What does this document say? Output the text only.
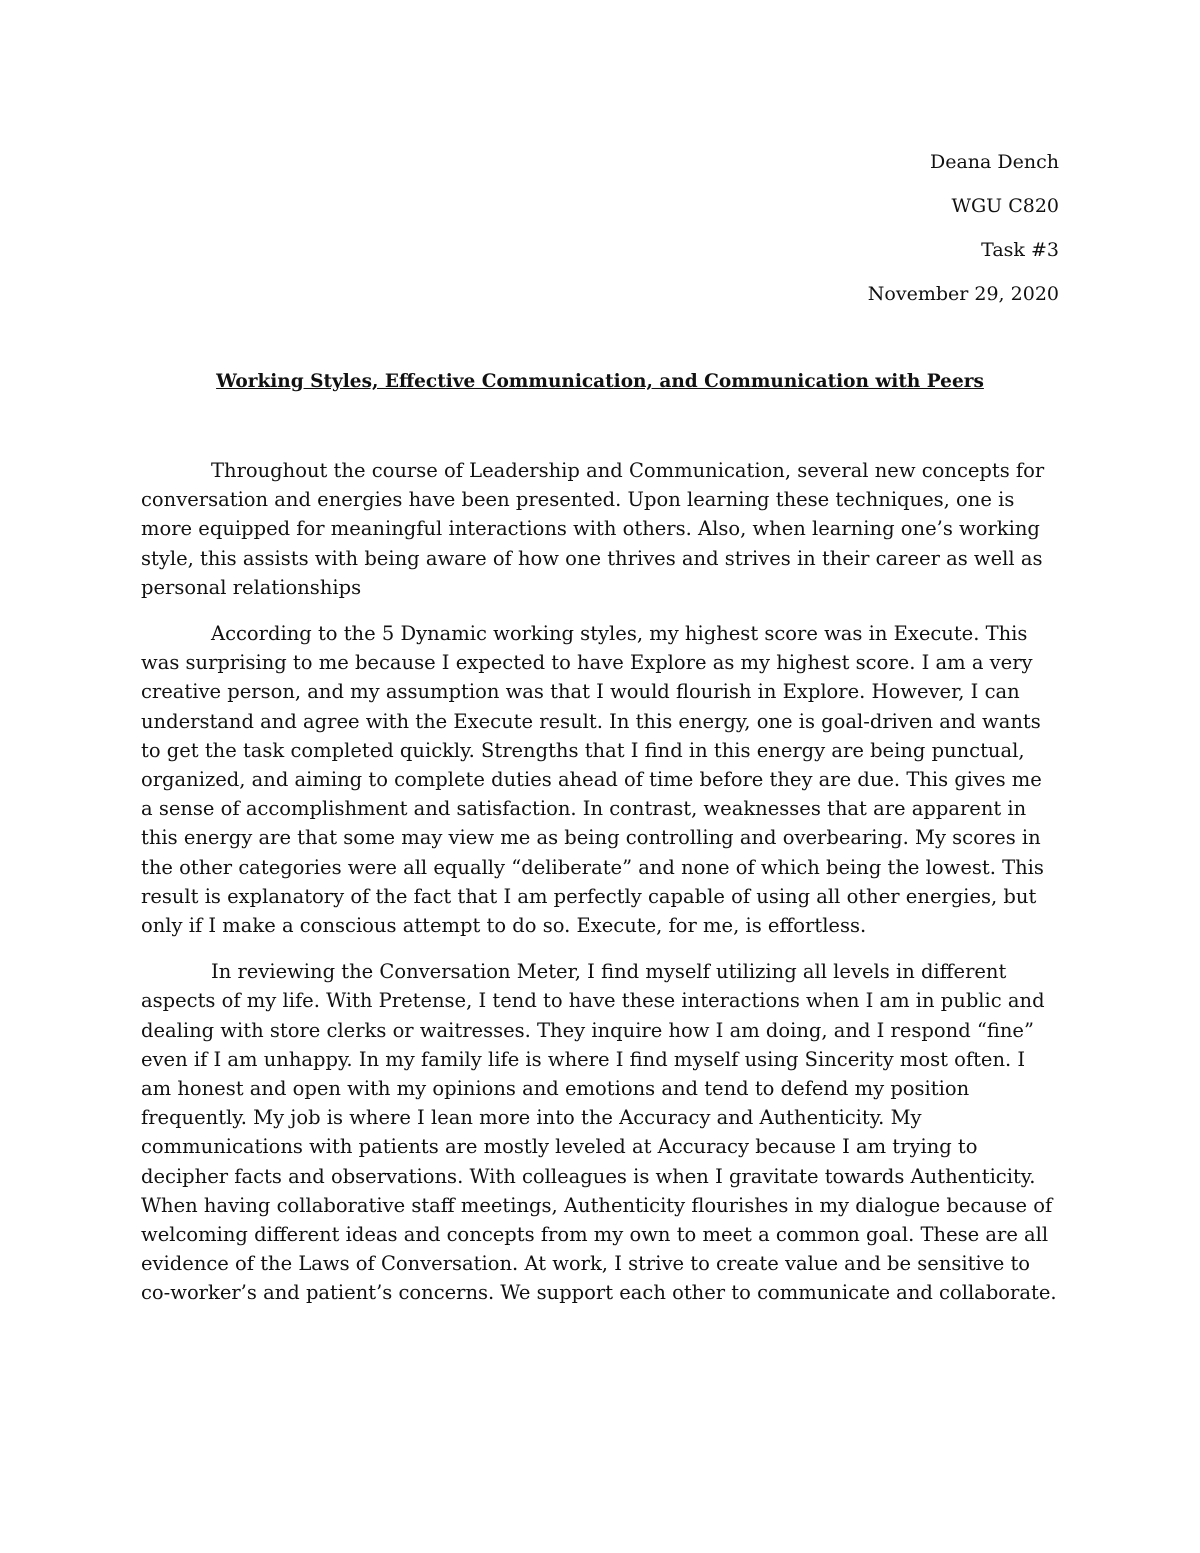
Deana Dench
WGU C820
Task #3
November 29, 2020
Working Styles, Effective Communication, and Communication with Peers

Throughout the course of Leadership and Communication, several new concepts for conversation and energies have been presented. Upon learning these techniques, one is more equipped for meaningful interactions with others. Also, when learning one’s working style, this assists with being aware of how one thrives and strives in their career as well as personal relationships

According to the 5 Dynamic working styles, my highest score was in Execute. This was surprising to me because I expected to have Explore as my highest score. I am a very creative person, and my assumption was that I would flourish in Explore. However, I can understand and agree with the Execute result. In this energy, one is goal-driven and wants to get the task completed quickly. Strengths that I find in this energy are being punctual, organized, and aiming to complete duties ahead of time before they are due. This gives me a sense of accomplishment and satisfaction. In contrast, weaknesses that are apparent in this energy are that some may view me as being controlling and overbearing. My scores in the other categories were all equally “deliberate” and none of which being the lowest. This result is explanatory of the fact that I am perfectly capable of using all other energies, but only if I make a conscious attempt to do so. Execute, for me, is effortless.

In reviewing the Conversation Meter, I find myself utilizing all levels in different aspects of my life. With Pretense, I tend to have these interactions when I am in public and dealing with store clerks or waitresses. They inquire how I am doing, and I respond “fine” even if I am unhappy. In my family life is where I find myself using Sincerity most often. I am honest and open with my opinions and emotions and tend to defend my position frequently. My job is where I lean more into the Accuracy and Authenticity. My communications with patients are mostly leveled at Accuracy because I am trying to decipher facts and observations. With colleagues is when I gravitate towards Authenticity. When having collaborative staff meetings, Authenticity flourishes in my dialogue because of welcoming different ideas and concepts from my own to meet a common goal. These are all evidence of the Laws of Conversation. At work, I strive to create value and be sensitive to co-worker’s and patient’s concerns. We support each other to communicate and collaborate.
